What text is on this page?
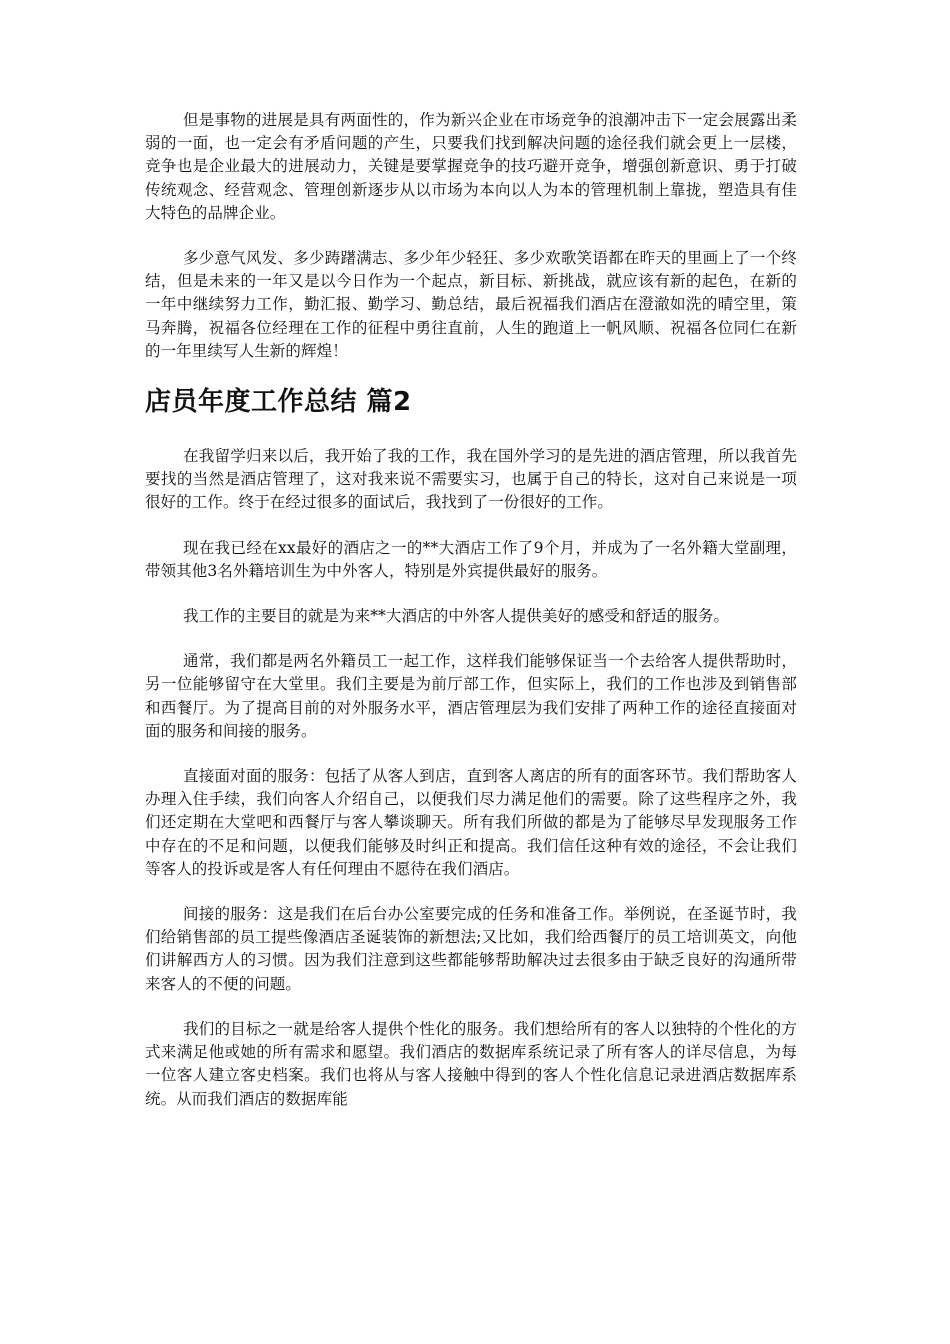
但是事物的进展是具有两面性的，作为新兴企业在市场竞争的浪潮冲击下一定会展露出柔弱的一面，也一定会有矛盾问题的产生，只要我们找到解决问题的途径我们就会更上一层楼，竞争也是企业最大的进展动力，关键是要掌握竞争的技巧避开竞争，增强创新意识、勇于打破传统观念、经营观念、管理创新逐步从以市场为本向以人为本的管理机制上靠拢，塑造具有佳大特色的品牌企业。

多少意气风发、多少踌躇满志、多少年少轻狂、多少欢歌笑语都在昨天的里画上了一个终结，但是未来的一年又是以今日作为一个起点，新目标、新挑战，就应该有新的起色，在新的一年中继续努力工作，勤汇报、勤学习、勤总结，最后祝福我们酒店在澄澈如洗的晴空里，策马奔腾，祝福各位经理在工作的征程中勇往直前，人生的跑道上一帆风顺、祝福各位同仁在新的一年里续写人生新的辉煌！

店员年度工作总结 篇2

在我留学归来以后，我开始了我的工作，我在国外学习的是先进的酒店管理，所以我首先要找的当然是酒店管理了，这对我来说不需要实习，也属于自己的特长，这对自己来说是一项很好的工作。终于在经过很多的面试后，我找到了一份很好的工作。

现在我已经在xx最好的酒店之一的**大酒店工作了9个月，并成为了一名外籍大堂副理，带领其他3名外籍培训生为中外客人，特别是外宾提供最好的服务。

我工作的主要目的就是为来**大酒店的中外客人提供美好的感受和舒适的服务。

通常，我们都是两名外籍员工一起工作，这样我们能够保证当一个去给客人提供帮助时，另一位能够留守在大堂里。我们主要是为前厅部工作，但实际上，我们的工作也涉及到销售部和西餐厅。为了提高目前的对外服务水平，酒店管理层为我们安排了两种工作的途径直接面对面的服务和间接的服务。

直接面对面的服务：包括了从客人到店，直到客人离店的所有的面客环节。我们帮助客人办理入住手续，我们向客人介绍自己，以便我们尽力满足他们的需要。除了这些程序之外，我们还定期在大堂吧和西餐厅与客人攀谈聊天。所有我们所做的都是为了能够尽早发现服务工作中存在的不足和问题，以便我们能够及时纠正和提高。我们信任这种有效的途径，不会让我们等客人的投诉或是客人有任何理由不愿待在我们酒店。

间接的服务：这是我们在后台办公室要完成的任务和准备工作。举例说，在圣诞节时，我们给销售部的员工提些像酒店圣诞装饰的新想法;又比如，我们给西餐厅的员工培训英文，向他们讲解西方人的习惯。因为我们注意到这些都能够帮助解决过去很多由于缺乏良好的沟通所带来客人的不便的问题。

我们的目标之一就是给客人提供个性化的服务。我们想给所有的客人以独特的个性化的方式来满足他或她的所有需求和愿望。我们酒店的数据库系统记录了所有客人的详尽信息，为每一位客人建立客史档案。我们也将从与客人接触中得到的客人个性化信息记录进酒店数据库系统。从而我们酒店的数据库能
